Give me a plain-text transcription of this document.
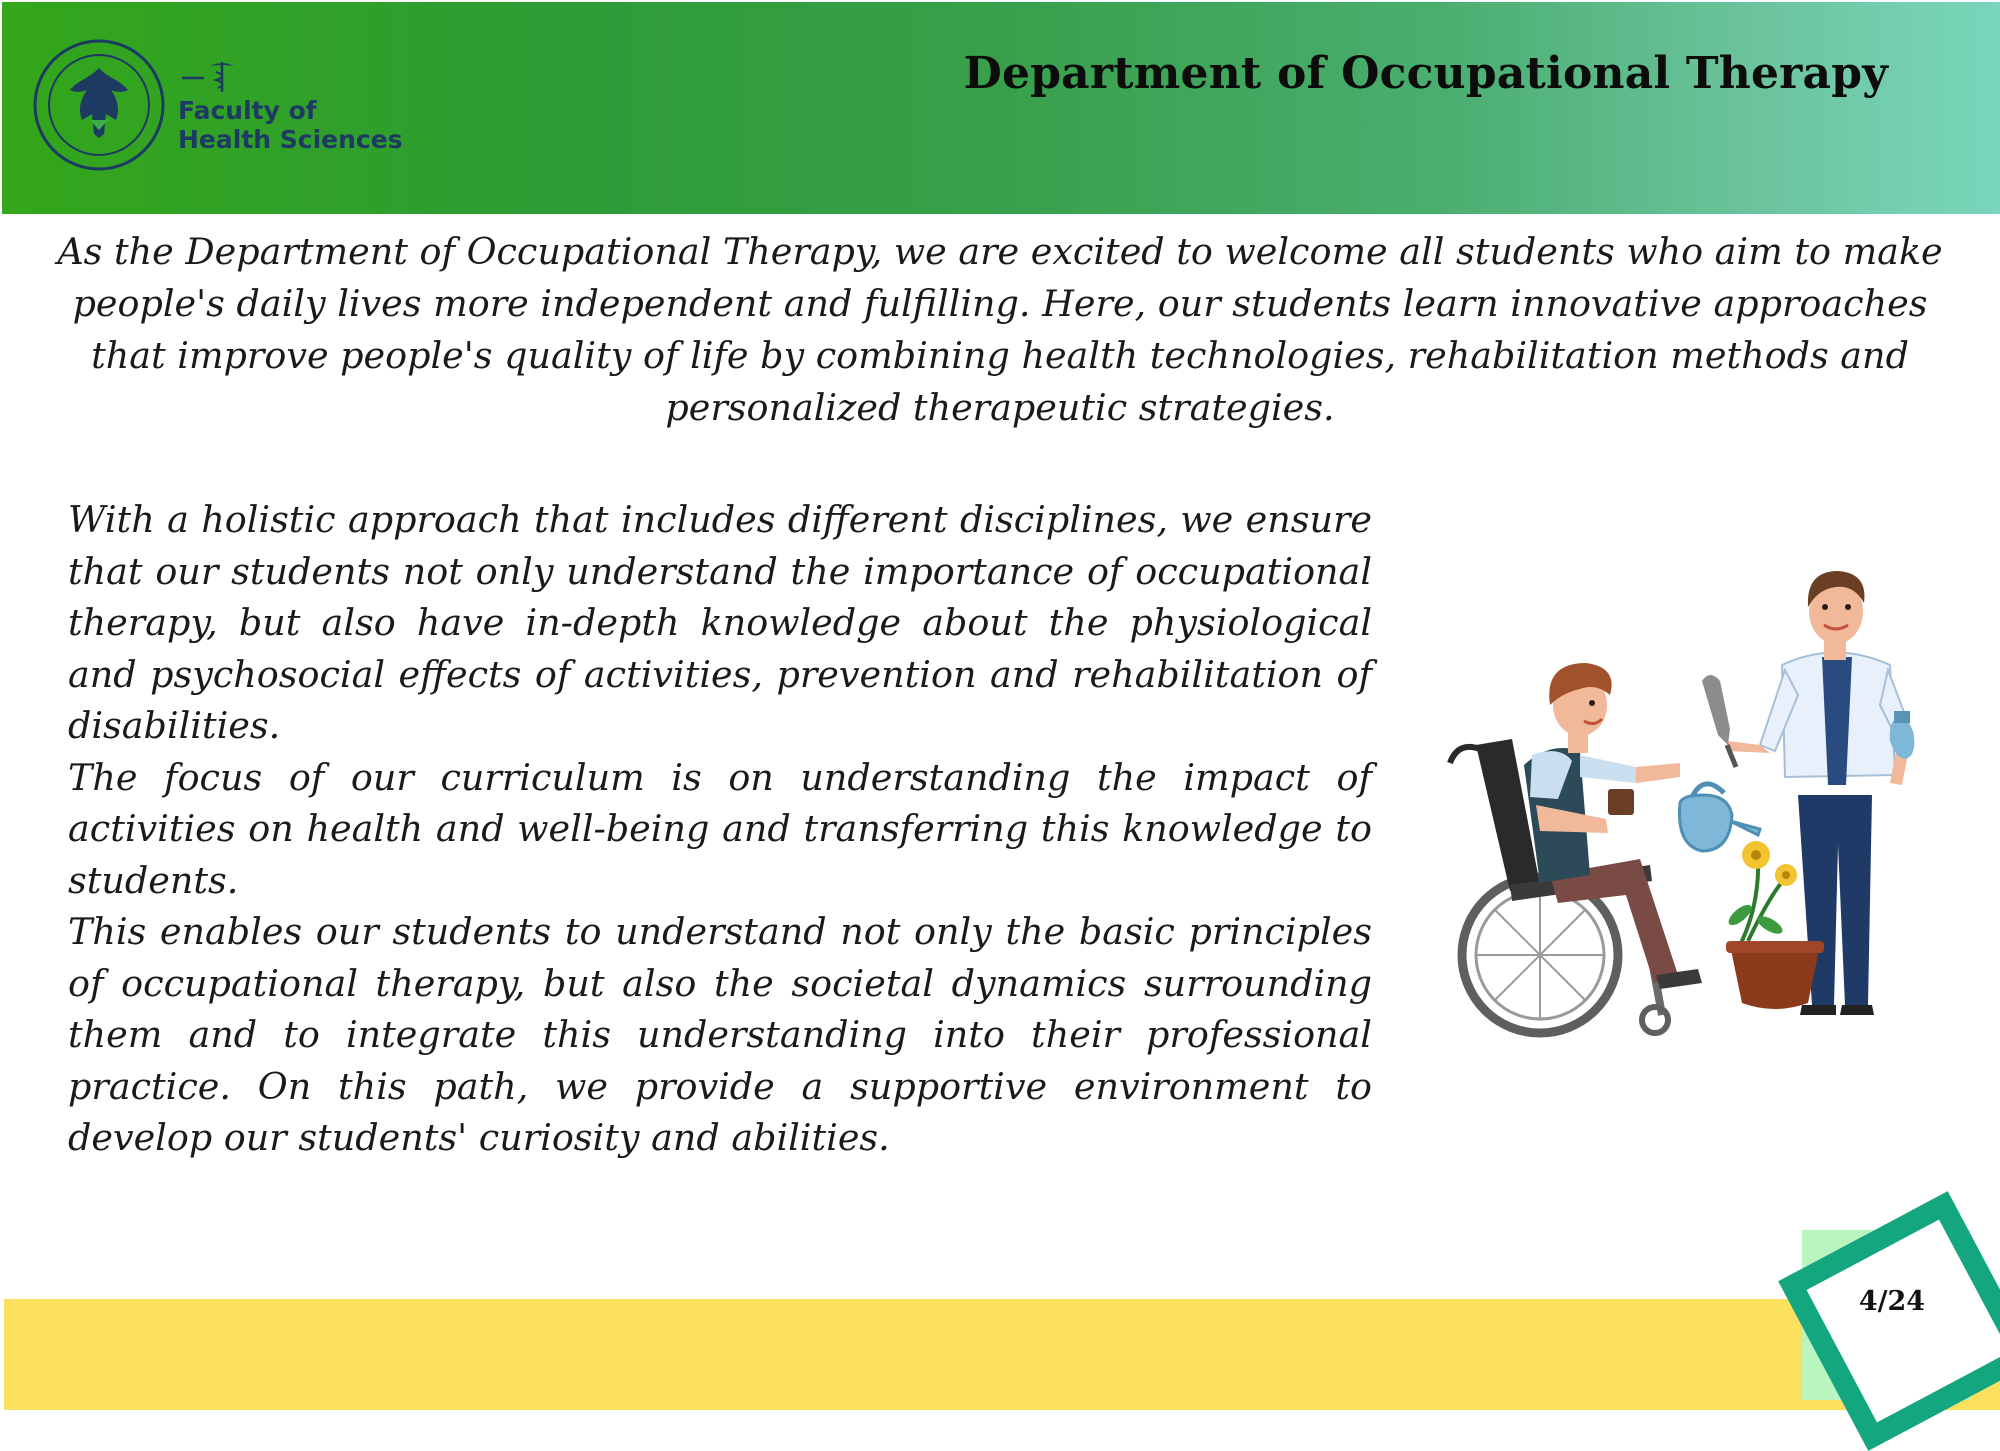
Faculty of
Health Sciences
Department of Occupational Therapy

As the Department of Occupational Therapy, we are excited to welcome all students who aim to make people's daily lives more independent and fulfilling. Here, our students learn innovative approaches that improve people's quality of life by combining health technologies, rehabilitation methods and personalized therapeutic strategies.

With a holistic approach that includes different disciplines, we ensure that our students not only understand the importance of occupational therapy, but also have in-depth knowledge about the physiological and psychosocial effects of activities, prevention and rehabilitation of disabilities.

The focus of our curriculum is on understanding the impact of activities on health and well-being and transferring this knowledge to students.

This enables our students to understand not only the basic principles of occupational therapy, but also the societal dynamics surrounding them and to integrate this understanding into their professional practice. On this path, we provide a supportive environment to develop our students' curiosity and abilities.

4/24
